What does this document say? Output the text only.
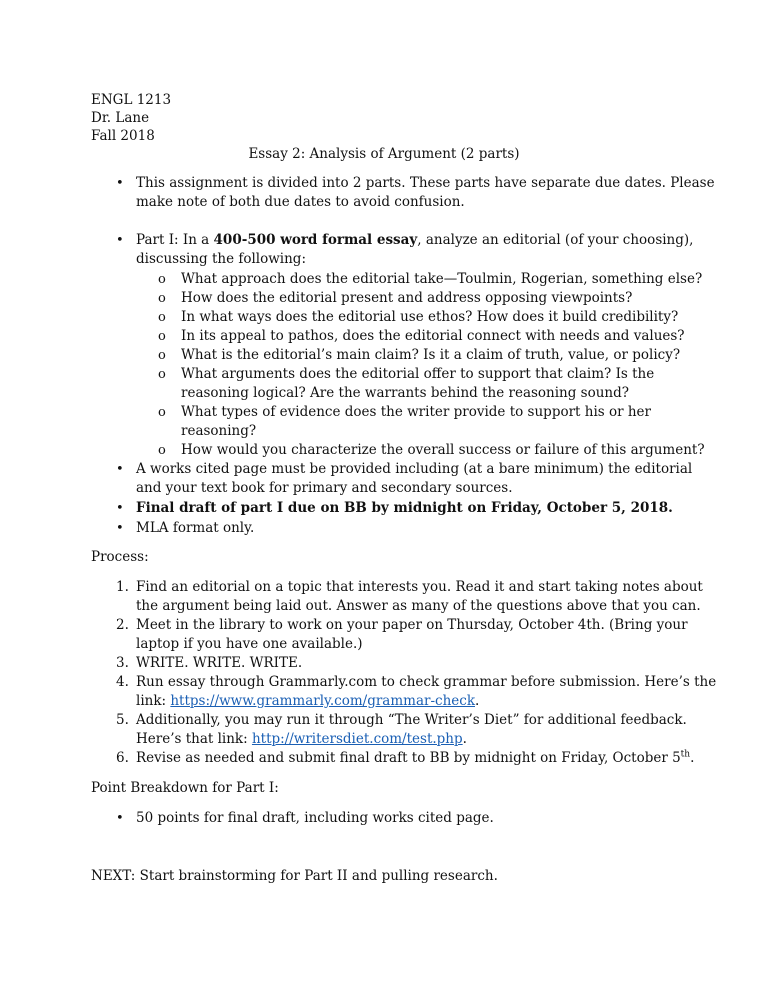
ENGL 1213
Dr. Lane
Fall 2018
Essay 2: Analysis of Argument (2 parts)
• This assignment is divided into 2 parts. These parts have separate due dates. Please
make note of both due dates to avoid confusion.
• Part I: In a 400-500 word formal essay, analyze an editorial (of your choosing),
discussing the following:
o What approach does the editorial take—Toulmin, Rogerian, something else?
o How does the editorial present and address opposing viewpoints?
o In what ways does the editorial use ethos? How does it build credibility?
o In its appeal to pathos, does the editorial connect with needs and values?
o What is the editorial’s main claim? Is it a claim of truth, value, or policy?
o What arguments does the editorial offer to support that claim? Is the
reasoning logical? Are the warrants behind the reasoning sound?
o What types of evidence does the writer provide to support his or her
reasoning?
o How would you characterize the overall success or failure of this argument?
• A works cited page must be provided including (at a bare minimum) the editorial
and your text book for primary and secondary sources.
• Final draft of part I due on BB by midnight on Friday, October 5, 2018.
• MLA format only.
Process:
1. Find an editorial on a topic that interests you. Read it and start taking notes about
the argument being laid out. Answer as many of the questions above that you can.
2. Meet in the library to work on your paper on Thursday, October 4th. (Bring your
laptop if you have one available.)
3. WRITE. WRITE. WRITE.
4. Run essay through Grammarly.com to check grammar before submission. Here’s the
link: https://www.grammarly.com/grammar-check.
5. Additionally, you may run it through “The Writer’s Diet” for additional feedback.
Here’s that link: http://writersdiet.com/test.php.
6. Revise as needed and submit final draft to BB by midnight on Friday, October 5th.
Point Breakdown for Part I:
• 50 points for final draft, including works cited page.
NEXT: Start brainstorming for Part II and pulling research.
